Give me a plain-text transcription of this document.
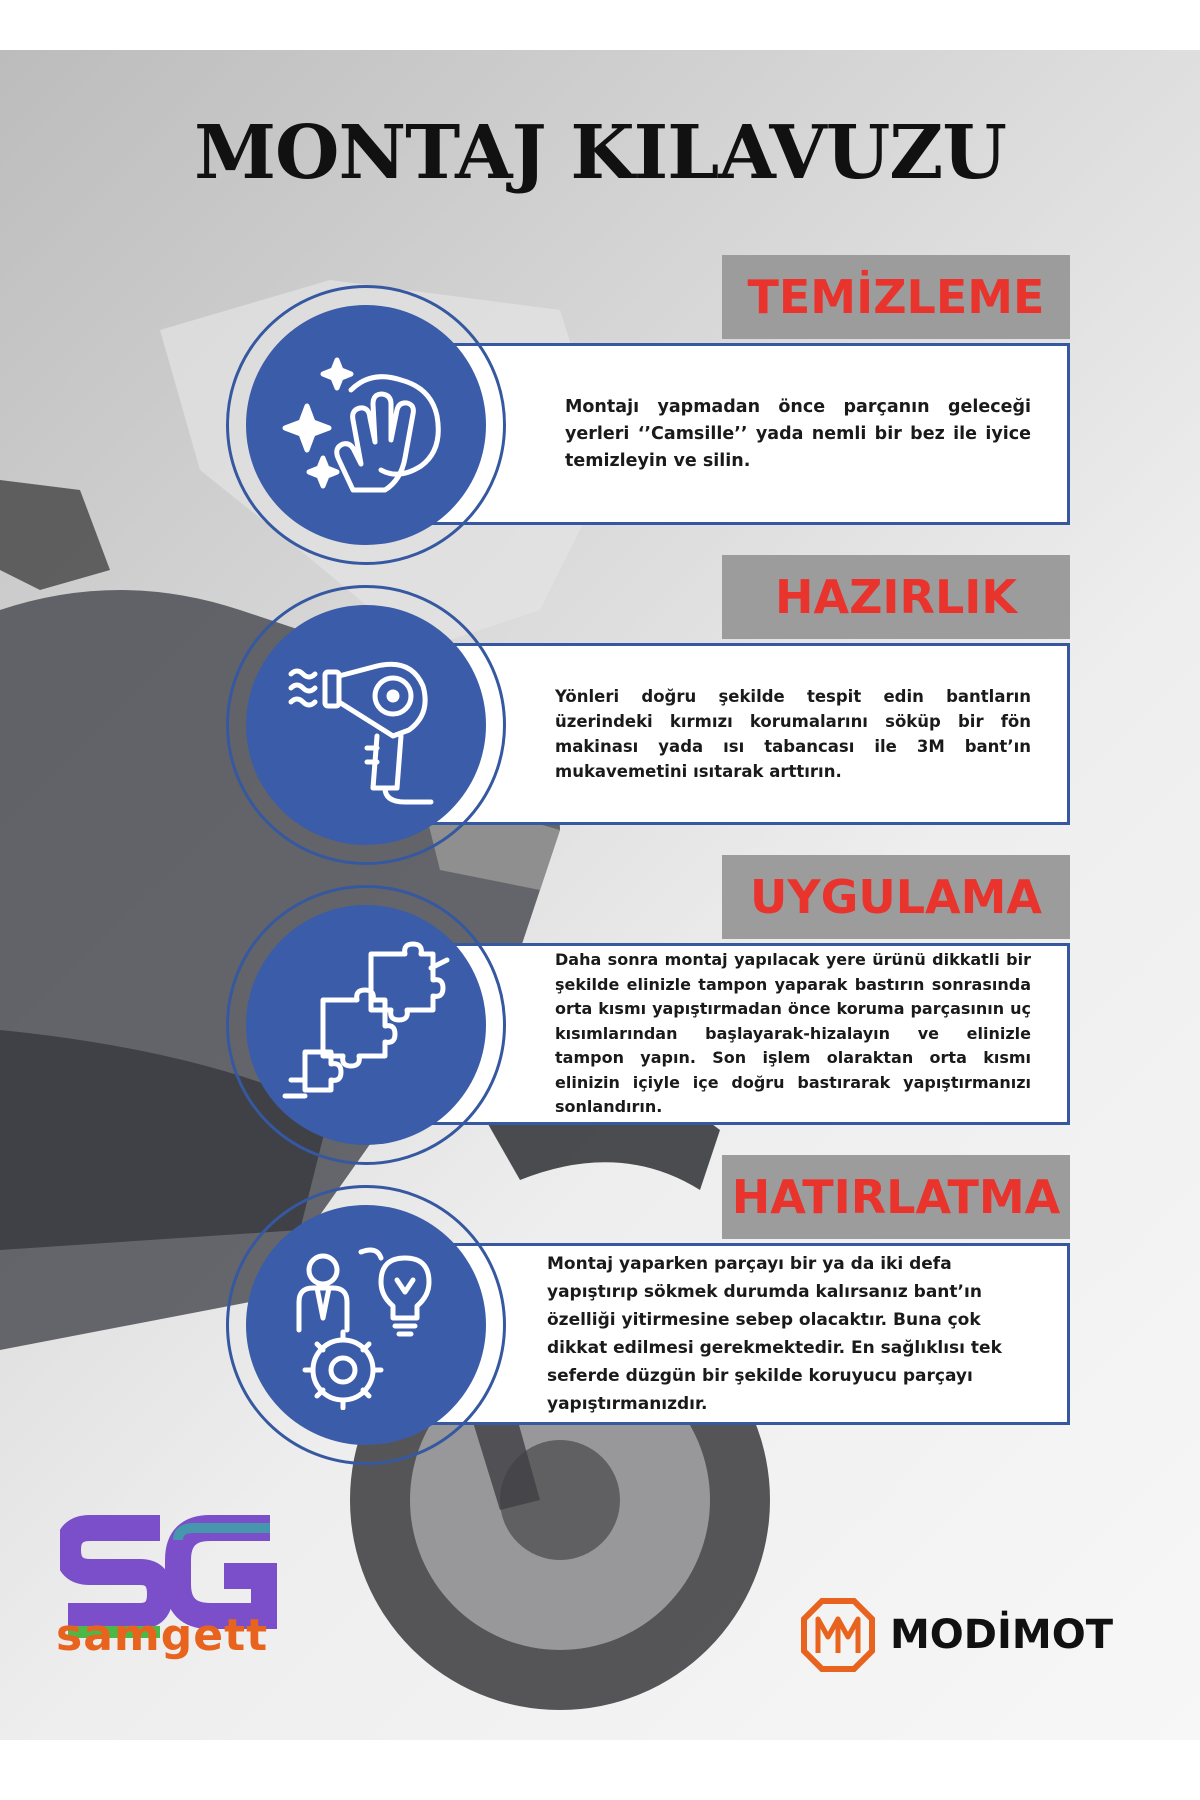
MONTAJ KILAVUZU
TEMİZLEME
Montajı yapmadan önce parçanın geleceği yerleri ‘’Camsille’’ yada nemli bir bez ile iyice temizleyin ve silin.
HAZIRLIK
Yönleri doğru şekilde tespit edin bantların üzerindeki kırmızı korumalarını söküp bir fön makinası yada ısı tabancası ile 3M bant’ın mukavemetini ısıtarak arttırın.
UYGULAMA
Daha sonra montaj yapılacak yere ürünü dikkatli bir şekilde elinizle tampon yaparak bastırın sonrasında orta kısmı yapıştırmadan önce koruma parçasının uç kısımlarından başlayarak-hizalayın ve elinizle tampon yapın. Son işlem olaraktan orta kısmı elinizin içiyle içe doğru bastırarak yapıştırmanızı sonlandırın.
HATIRLATMA
Montaj yaparken parçayı bir ya da iki defa yapıştırıp sökmek durumda kalırsanız bant’ın özelliği yitirmesine sebep olacaktır. Buna çok dikkat edilmesi gerekmektedir. En sağlıklısı tek seferde düzgün bir şekilde koruyucu parçayı yapıştırmanızdır.
samgett	MODİMOT
